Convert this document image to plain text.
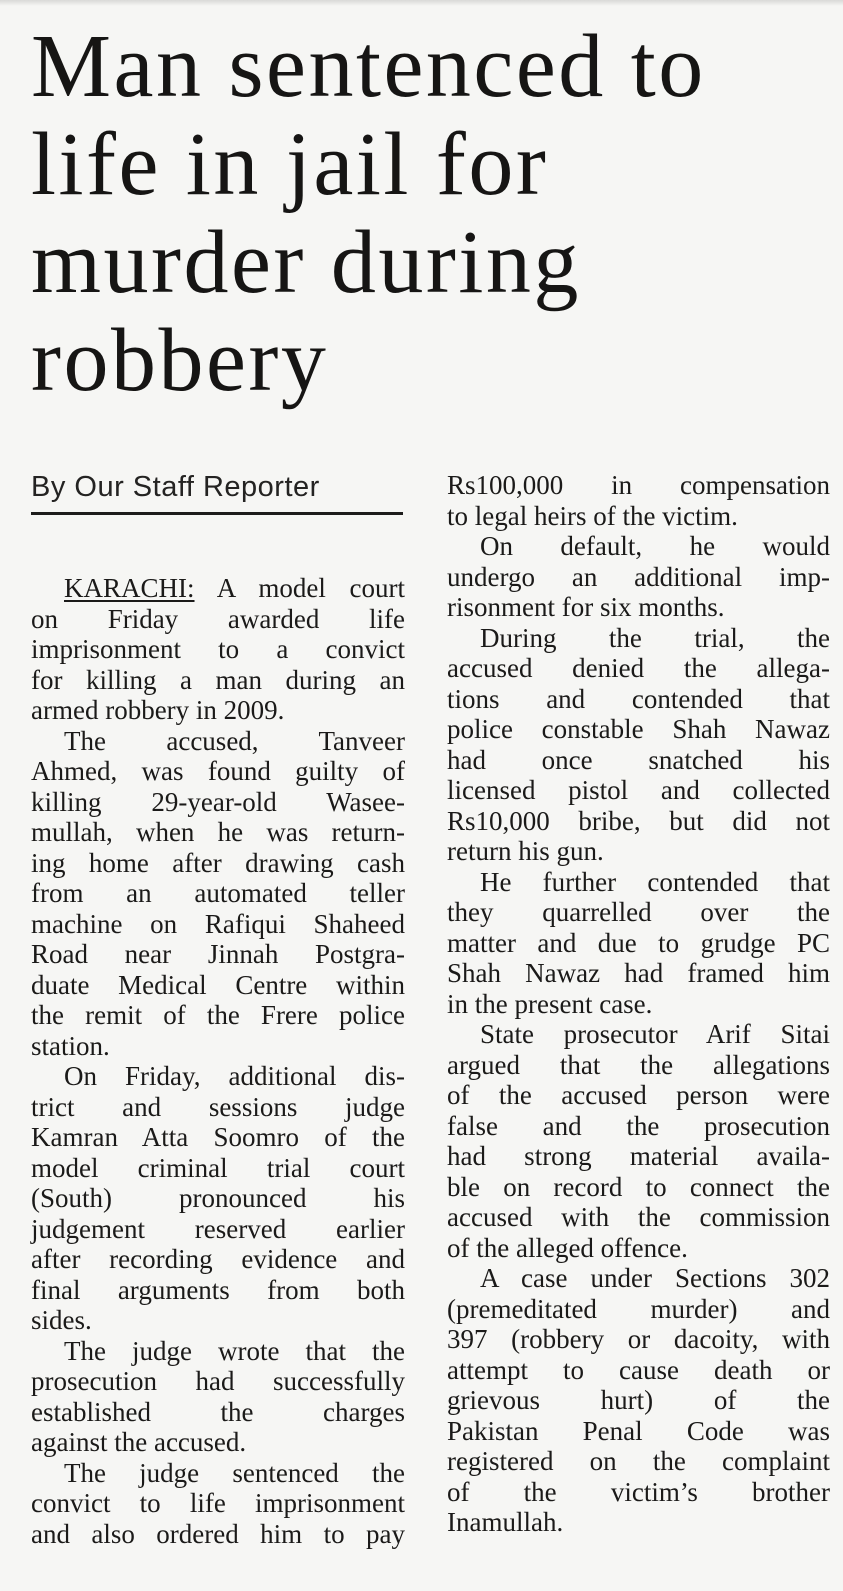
Man sentenced to
life in jail for
murder during
robbery
By Our Staff Reporter
KARACHI: A model court
on Friday awarded life
imprisonment to a convict
for killing a man during an
armed robbery in 2009.
The accused, Tanveer
Ahmed, was found guilty of
killing 29-year-old Wasee-
mullah, when he was return-
ing home after drawing cash
from an automated teller
machine on Rafiqui Shaheed
Road near Jinnah Postgra-
duate Medical Centre within
the remit of the Frere police
station.
On Friday, additional dis-
trict and sessions judge
Kamran Atta Soomro of the
model criminal trial court
(South) pronounced his
judgement reserved earlier
after recording evidence and
final arguments from both
sides.
The judge wrote that the
prosecution had successfully
established the charges
against the accused.
The judge sentenced the
convict to life imprisonment
and also ordered him to pay
Rs100,000 in compensation
to legal heirs of the victim.
On default, he would
undergo an additional imp-
risonment for six months.
During the trial, the
accused denied the allega-
tions and contended that
police constable Shah Nawaz
had once snatched his
licensed pistol and collected
Rs10,000 bribe, but did not
return his gun.
He further contended that
they quarrelled over the
matter and due to grudge PC
Shah Nawaz had framed him
in the present case.
State prosecutor Arif Sitai
argued that the allegations
of the accused person were
false and the prosecution
had strong material availa-
ble on record to connect the
accused with the commission
of the alleged offence.
A case under Sections 302
(premeditated murder) and
397 (robbery or dacoity, with
attempt to cause death or
grievous hurt) of the
Pakistan Penal Code was
registered on the complaint
of the victim’s brother
Inamullah.
